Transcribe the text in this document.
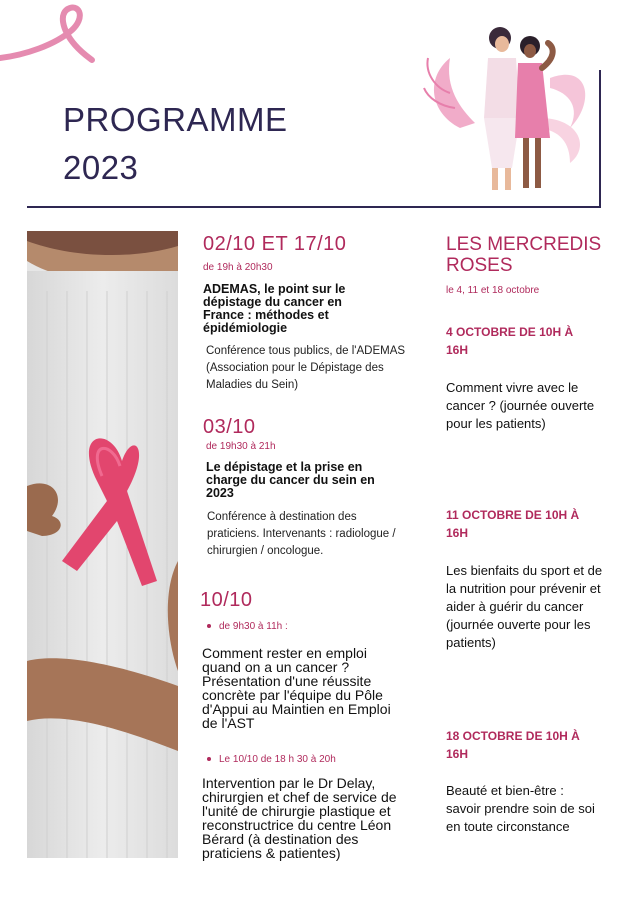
PROGRAMME
2023
02/10 ET 17/10
de 19h à 20h30
ADEMAS, le point sur le dépistage du cancer en France : méthodes et épidémiologie
Conférence tous publics, de l'ADEMAS (Association pour le Dépistage des Maladies du Sein)
03/10
de 19h30 à 21h
Le dépistage et la prise en charge du cancer du sein en 2023
Conférence à destination des praticiens. Intervenants : radiologue / chirurgien / oncologue.
10/10
de 9h30 à 11h :
Comment rester en emploi quand on a un cancer ? Présentation d'une réussite concrète par l'équipe du Pôle d'Appui au Maintien en Emploi de l'AST
Le 10/10 de 18 h 30 à 20h
Intervention par le Dr Delay, chirurgien et chef de service de l'unité de chirurgie plastique et reconstructrice du centre Léon Bérard (à destination des praticiens & patientes)
LES MERCREDIS ROSES
le 4, 11 et 18 octobre
4 OCTOBRE DE 10H À 16H
Comment vivre avec le cancer ? (journée ouverte pour les patients)
11 OCTOBRE DE 10H À 16H
Les bienfaits du sport et de la nutrition pour prévenir et aider à guérir du cancer (journée ouverte pour les patients)
18 OCTOBRE DE 10H À 16H
Beauté et bien-être : savoir prendre soin de soi en toute circonstance
